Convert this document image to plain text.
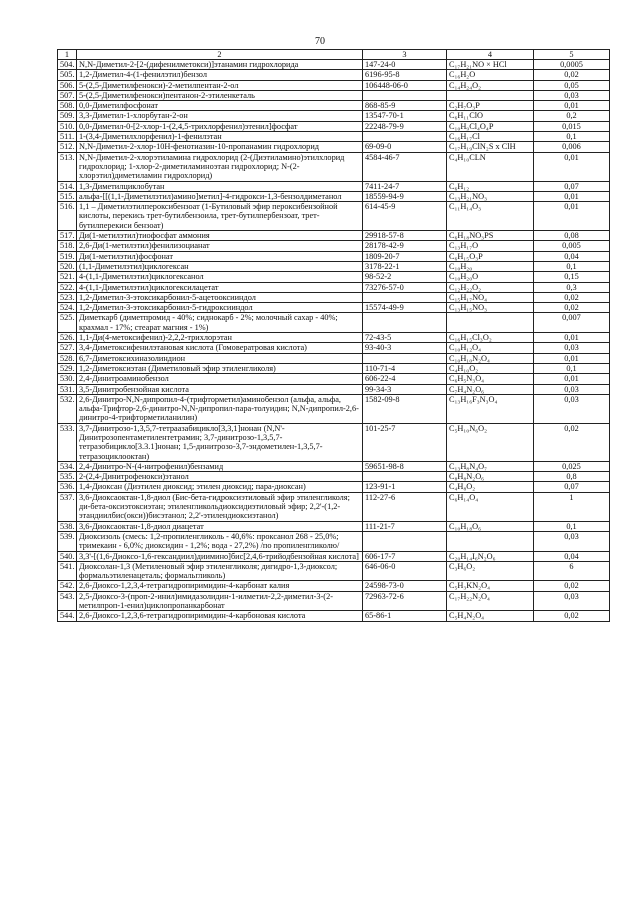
70
1	2	3	4	5
504.	N,N-Диметил-2-[2-(дифенилметокси)]этанамин гидрохлорида	147-24-0	C₁₇H₂₁NO × HCl	0,0005
505.	1,2-Диметил-4-(1-фенилэтил)бензол	6196-95-8	C₁₆H₂O	0,02
506.	5-(2,5-Диметилфенокси)-2-метилпентан-2-ол	106448-06-0	C₁₄H₂₄O₂	0,05
507.	5-(2,5-Диметилфенокси)пентанон-2-этиленкеталь			0,03
508.	0,0-Диметилфосфонат	868-85-9	C₂H₇O₃P	0,01
509.	3,3-Диметил-1-хлорбутан-2-он	13547-70-1	C₆H₁₁ClO	0,2
510.	0,0-Диметил-0-[2-хлор-1-(2,4,5-трихлорфенил)этенил]фосфат	22248-79-9	C₁₀H₉Cl₄O₄P	0,015
511.	1-(3,4-Диметилхлорфенил)-1-фенилэтан		C₁₆H₁₇Cl	0,1
512.	N,N-Диметил-2-хлор-10Н-фенотиазин-10-пропанамин гидрохлорид	69-09-0	C₁₇H₁₉ClN₂S x ClH	0,006
513.	N,N-Диметил-2-хлорэтиламина гидрохлорид (2-(Диэтиламино)этилхлорид гидрохлорид; 1-хлор-2-диметиламиноэтан гидрохлорид; N-(2-хлорэтил)диметиламин гидрохлорид)	4584-46-7	C₄H₁₀CLN	0,01
514.	1,3-Диметилциклобутан	7411-24-7	C₆H₁₂	0,07
515.	альфа-[[(1,1-Диметилэтил)амино]метил]-4-гидрокси-1,3-бензолдиметанол	18559-94-9	C₁₃H₂₁NO₃	0,01
516.	1,1 – Диметилэтилпероксибензоат (1-Бутиловый эфир пероксибензойной кислоты, перекись трет-бутилбензоила, трет-бутилпербензоат, трет-бутилперекиси бензоат)	614-45-9	C₁₁H₁₄O₃	0,01
517.	Ди(1-метилэтил)тиофосфат аммония	29918-57-8	C₆H₁₈NO₃PS	0,08
518.	2,6-Ди(1-метилэтил)фенилизоцианат	28178-42-9	C₁₃H₁₇O	0,005
519.	Ди(1-метилэтил)фосфонат	1809-20-7	C₆H₁₅O₃P	0,04
520.	(1,1-Диметилэтил)циклогексан	3178-22-1	C₁₀H₂₀	0,1
521.	4-(1,1-Диметилэтил)циклогексанол	98-52-2	C₁₀H₂₀O	0,15
522.	4-(1,1-Диметилэтил)циклогексилацетат	73276-57-0	C₁₂H₂₂O₂	0,3
523.	1,2-Диметил-3-этоксикарбонил-5-ацетооксииндол		C₁₅H₁₇NO₄	0,02
524.	1,2-Диметил-3-этоксикарбонил-5-гидроксииндол	15574-49-9	C₁₃H₁₅NO₃	0,02
525.	Диметкарб (диметпромид - 40%; сиднокарб - 2%; молочный сахар - 40%; крахмал - 17%; стеарат магния - 1%)			0,007
526.	1,1-Ди(4-метоксифенил)-2,2,2-трихлорэтан	72-43-5	C₁₆H₁₅Cl₃O₂	0,01
527.	3,4-Диметоксифенилэтановая кислота (Гомовератровая кислота)	93-40-3	C₁₀H₁₂O₄	0,03
528.	6,7-Диметоксихиназолиндион		C₁₀H₁₀N₂O₄	0,01
529.	1,2-Диметоксиэтан (Диметиловый эфир этиленгликоля)	110-71-4	C₄H₁₀O₂	0,1
530.	2,4-Динитроаминобензол	606-22-4	C₆H₅N₃O₄	0,01
531.	3,5-Динитробензойная кислота	99-34-3	C₇H₄N₂O₆	0,03
532.	2,6-Динитро-N,N-дипропил-4-(трифторметил)аминобензол (альфа, альфа, альфа-Трифтор-2,6-динитро-N,N-дипропил-пара-толуидин; N,N-дипропил-2,6-динитро-4-трифторметиланилин)	1582-09-8	C₁₃H₁₆F₃N₃O₄	0,03
533.	3,7-Динитрозо-1,3,5,7-тетраазабицикло[3,3,1]нонан (N,N'-Динитрозопентаметилентетрамин; 3,7-динитрозо-1,3,5,7-тетразобицикло[3.3.1]нонан; 1,5-динитрозо-3,7-эндометилен-1,3,5,7-тетразоциклооктан)	101-25-7	C₅H₁₀N₆O₂	0,02
534.	2,4-Динитро-N-(4-нитрофенил)бензамид	59651-98-8	C₁₃H₈N₄O₇	0,025
535.	2-(2,4-Динитрофенокси)этанол		C₈H₈N₂O₆	0,8
536.	1,4-Диоксан (Диэтилен диоксид; этилен диоксид; пара-диоксан)	123-91-1	C₄H₈O₂	0,07
537.	3,6-Диоксаоктан-1,8-диол (Бис-бета-гидроксиэтиловый эфир этиленгликоля; ди-бета-оксиэтоксиэтан; этиленгликольдиоксидиэтиловый эфир; 2,2'-(1,2-этандиилбис(окси))бисэтанол; 2,2'-этилендиоксиэтанол)	112-27-6	C₆H₁₄O₄	1
538.	3,6-Диоксаоктан-1,8-диол диацетат	111-21-7	C₁₀H₁₈O₆	0,1
539.	Диоксизоль (смесь: 1,2-пропиленгликоль - 40,6%: проксанол 268 - 25,0%; тримекаин - 6,0%; диоксидин - 1,2%; вода - 27,2%) /по пропиленгликолю/			0,03
540.	3,3'-[(1,6-Диоксо-1,6-гександиил)диимино]бис[2,4,6-трийодбензойная кислота]	606-17-7	C₂₀H₁₄I₆N₂O₆	0,04
541.	Диоксолан-1,3 (Метиленовый эфир этиленгликоля; дигидро-1,3-диоксол; формальэтиленацеталь; формальгликоль)	646-06-0	C₃H₆O₂	6
542.	2,6-Диоксо-1,2,3,4-тетрагидропиримидин-4-карбонат калия	24598-73-0	C₅H₃KN₂O₄	0,02
543.	2,5-Диоксо-3-(проп-2-инил)имидазолидин-1-илметил-2,2-диметил-3-(2-метилпроп-1-енил)циклопропанкарбонат	72963-72-6	C₁₇H₂₂N₂O₄	0,03
544.	2,6-Диоксо-1,2,3,6-тетрагидропиримидин-4-карбоновая кислота	65-86-1	C₅H₄N₂O₄	0,02
